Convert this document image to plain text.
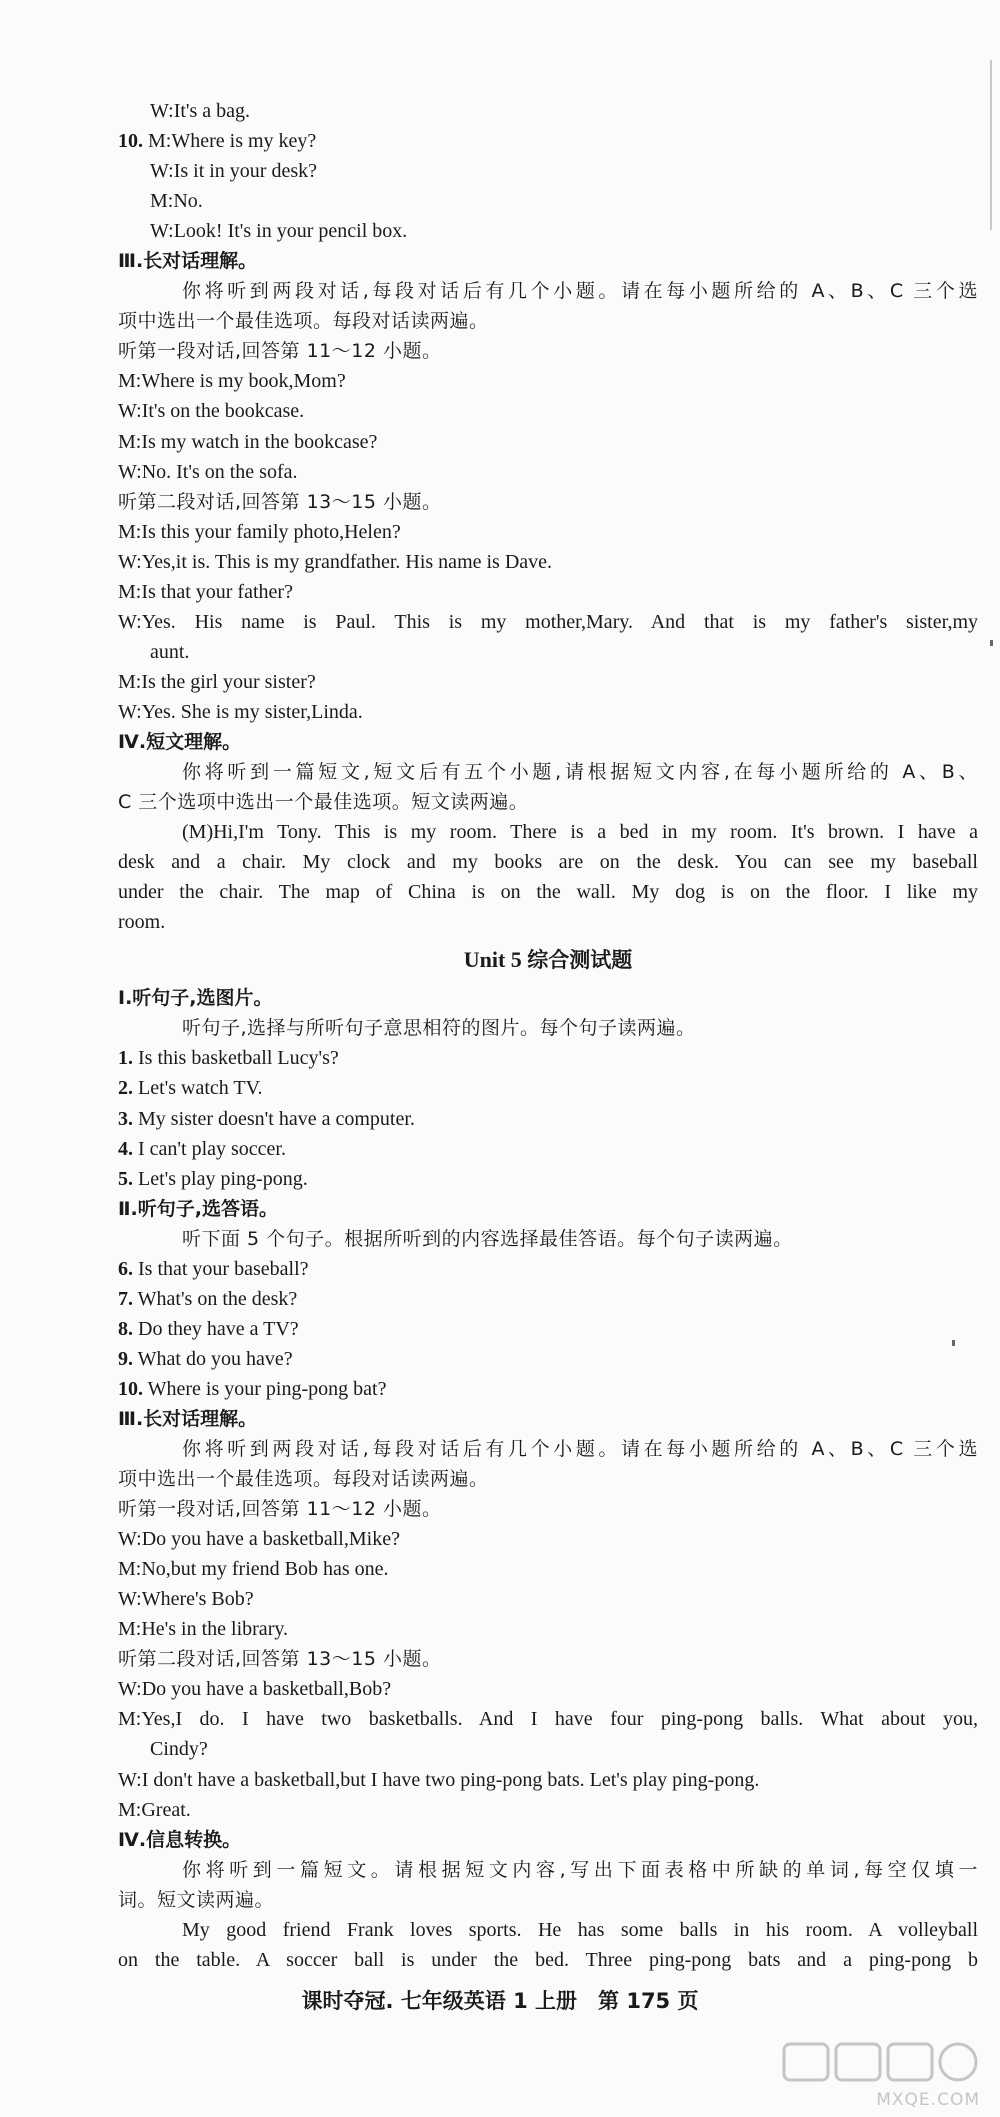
W:It's a bag.
10. M:Where is my key?
W:Is it in your desk?
M:No.
W:Look! It's in your pencil box.
Ⅲ.长对话理解。
你将听到两段对话,每段对话后有几个小题。请在每小题所给的 A、B、C 三个选
项中选出一个最佳选项。每段对话读两遍。
听第一段对话,回答第 11～12 小题。
M:Where is my book,Mom?
W:It's on the bookcase.
M:Is my watch in the bookcase?
W:No. It's on the sofa.
听第二段对话,回答第 13～15 小题。
M:Is this your family photo,Helen?
W:Yes,it is. This is my grandfather. His name is Dave.
M:Is that your father?
W:Yes. His name is Paul. This is my mother,Mary. And that is my father's sister,my
aunt.
M:Is the girl your sister?
W:Yes. She is my sister,Linda.
Ⅳ.短文理解。
你将听到一篇短文,短文后有五个小题,请根据短文内容,在每小题所给的 A、B、
C 三个选项中选出一个最佳选项。短文读两遍。
(M)Hi,I'm Tony. This is my room. There is a bed in my room. It's brown. I have a
desk and a chair. My clock and my books are on the desk. You can see my baseball
under the chair. The map of China is on the wall. My dog is on the floor. I like my
room.
Unit 5 综合测试题
Ⅰ.听句子,选图片。
听句子,选择与所听句子意思相符的图片。每个句子读两遍。
1. Is this basketball Lucy's?
2. Let's watch TV.
3. My sister doesn't have a computer.
4. I can't play soccer.
5. Let's play ping-pong.
Ⅱ.听句子,选答语。
听下面 5 个句子。根据所听到的内容选择最佳答语。每个句子读两遍。
6. Is that your baseball?
7. What's on the desk?
8. Do they have a TV?
9. What do you have?
10. Where is your ping-pong bat?
Ⅲ.长对话理解。
你将听到两段对话,每段对话后有几个小题。请在每小题所给的 A、B、C 三个选
项中选出一个最佳选项。每段对话读两遍。
听第一段对话,回答第 11～12 小题。
W:Do you have a basketball,Mike?
M:No,but my friend Bob has one.
W:Where's Bob?
M:He's in the library.
听第二段对话,回答第 13～15 小题。
W:Do you have a basketball,Bob?
M:Yes,I do. I have two basketballs. And I have four ping-pong balls. What about you,
Cindy?
W:I don't have a basketball,but I have two ping-pong bats. Let's play ping-pong.
M:Great.
Ⅳ.信息转换。
你将听到一篇短文。请根据短文内容,写出下面表格中所缺的单词,每空仅填一
词。短文读两遍。
My good friend Frank loves sports. He has some balls in his room. A volleyball
on the table. A soccer ball is under the bed. Three ping-pong bats and a ping-pong b
课时夺冠. 七年级英语 1 上册　第 175 页
MXQE.COM
